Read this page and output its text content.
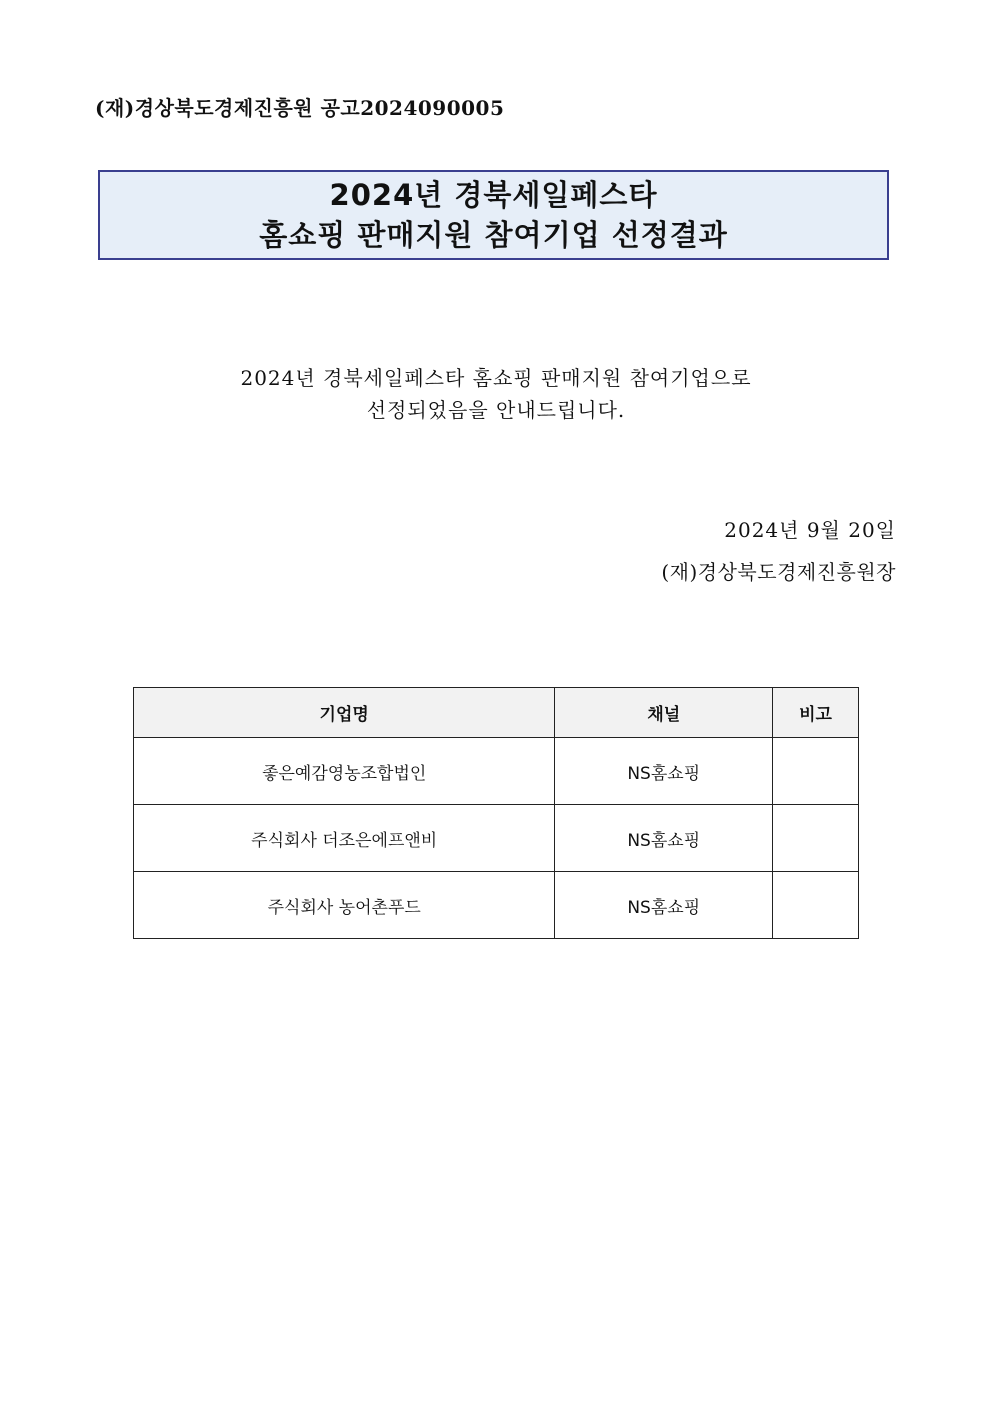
(재)경상북도경제진흥원 공고2024090005
2024년 경북세일페스타
홈쇼핑 판매지원 참여기업 선정결과
2024년 경북세일페스타 홈쇼핑 판매지원 참여기업으로
선정되었음을 안내드립니다.
2024년 9월 20일
(재)경상북도경제진흥원장
기업명	채널	비고
좋은예감영농조합법인	NS홈쇼핑	
주식회사 더조은에프앤비	NS홈쇼핑	
주식회사 농어촌푸드	NS홈쇼핑	
